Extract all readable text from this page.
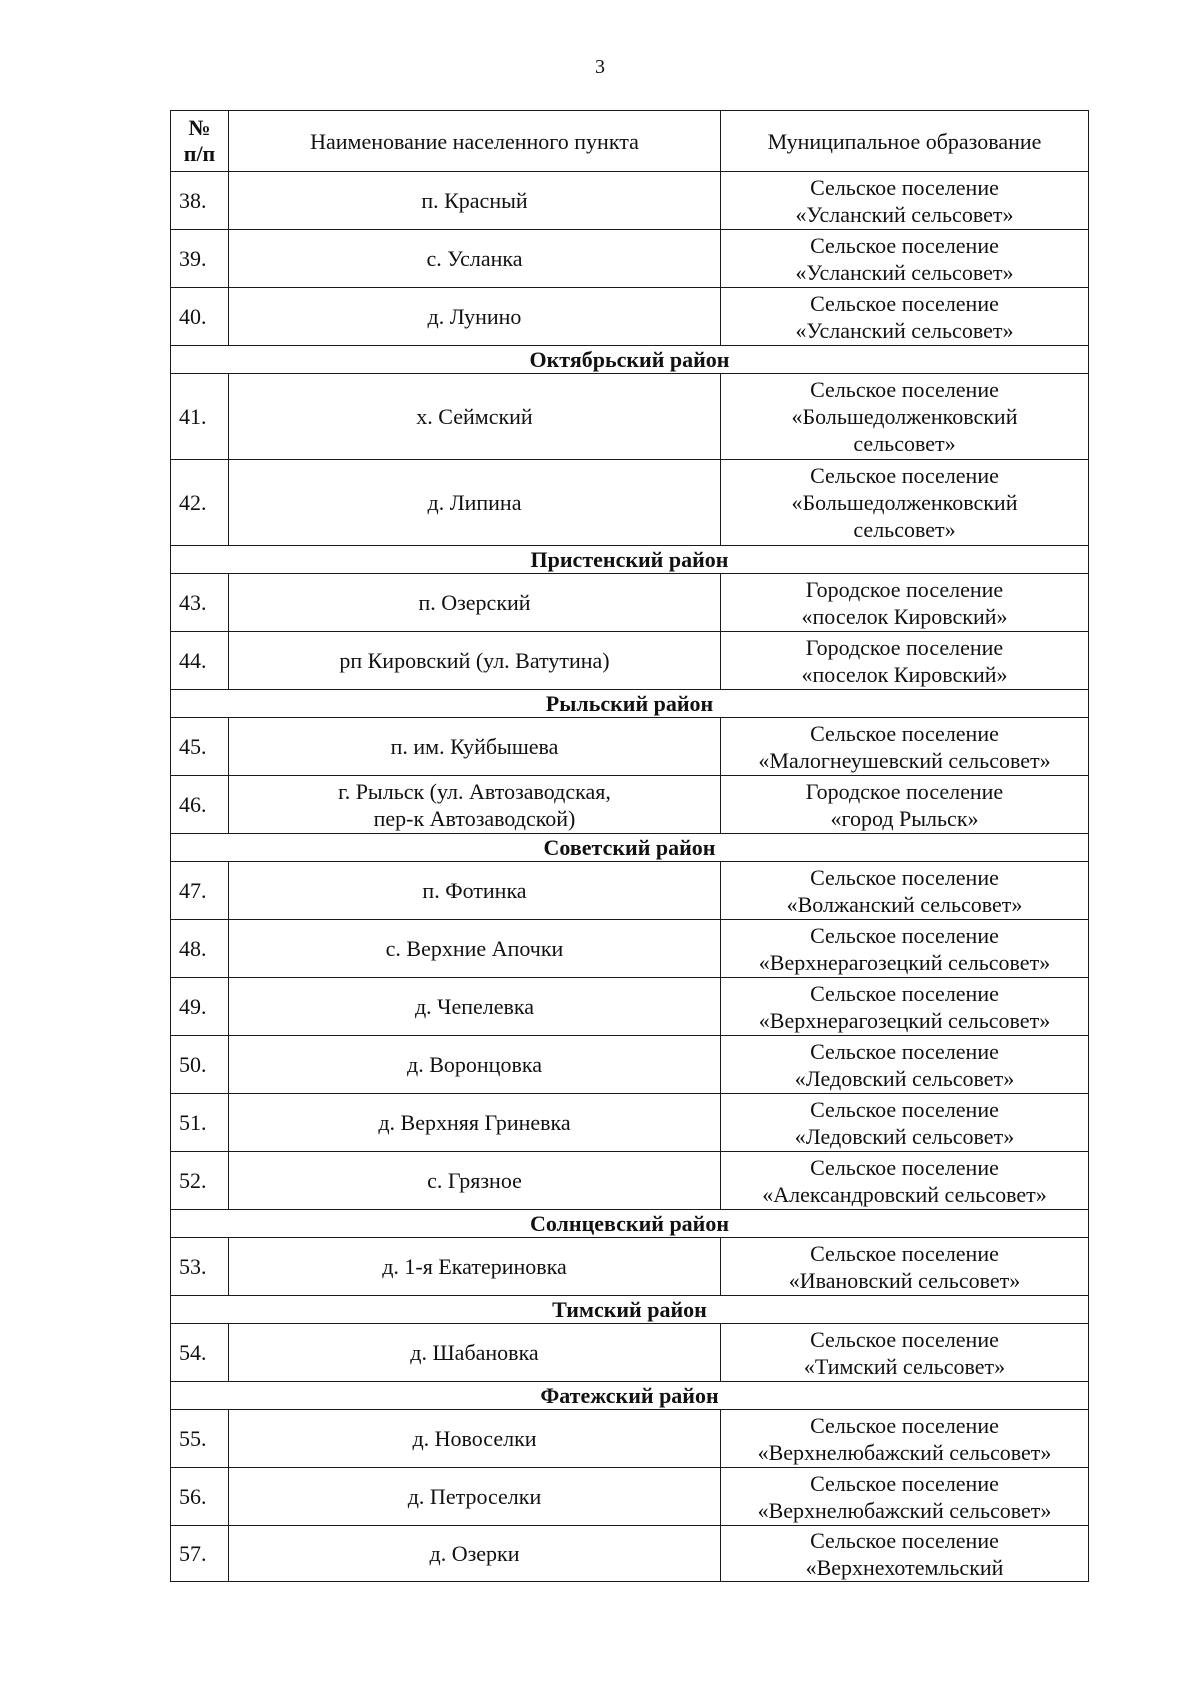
3
№
п/п	Наименование населенного пункта	Муниципальное образование
38.	п. Красный	Сельское поселение
«Усланский сельсовет»

39.	с. Усланка	Сельское поселение
«Усланский сельсовет»

40.	д. Лунино	Сельское поселение
«Усланский сельсовет»

Октябрьский район		
41.	х. Сеймский	Сельское поселение
«Большедолженковский
сельсовет»

42.	д. Липина	Сельское поселение
«Большедолженковский
сельсовет»

Пристенский район		
43.	п. Озерский	Городское поселение
«поселок Кировский»

44.	рп Кировский (ул. Ватутина)	Городское поселение
«поселок Кировский»

Рыльский район		
45.	п. им. Куйбышева	Сельское поселение
«Малогнеушевский сельсовет»

46.	г. Рыльск (ул. Автозаводская,
пер-к Автозаводской)	Городское поселение
«город Рыльск»

Советский район		
47.	п. Фотинка	Сельское поселение
«Волжанский сельсовет»

48.	с. Верхние Апочки	Сельское поселение
«Верхнерагозецкий сельсовет»

49.	д. Чепелевка	Сельское поселение
«Верхнерагозецкий сельсовет»

50.	д. Воронцовка	Сельское поселение
«Ледовский сельсовет»

51.	д. Верхняя Гриневка	Сельское поселение
«Ледовский сельсовет»

52.	с. Грязное	Сельское поселение
«Александровский сельсовет»

Солнцевский район		
53.	д. 1-я Екатериновка	Сельское поселение
«Ивановский сельсовет»

Тимский район		
54.	д. Шабановка	Сельское поселение
«Тимский сельсовет»

Фатежский район		
55.	д. Новоселки	Сельское поселение
«Верхнелюбажский сельсовет»

56.	д. Петроселки	Сельское поселение
«Верхнелюбажский сельсовет»

57.	д. Озерки	Сельское поселение
«Верхнехотемльский
